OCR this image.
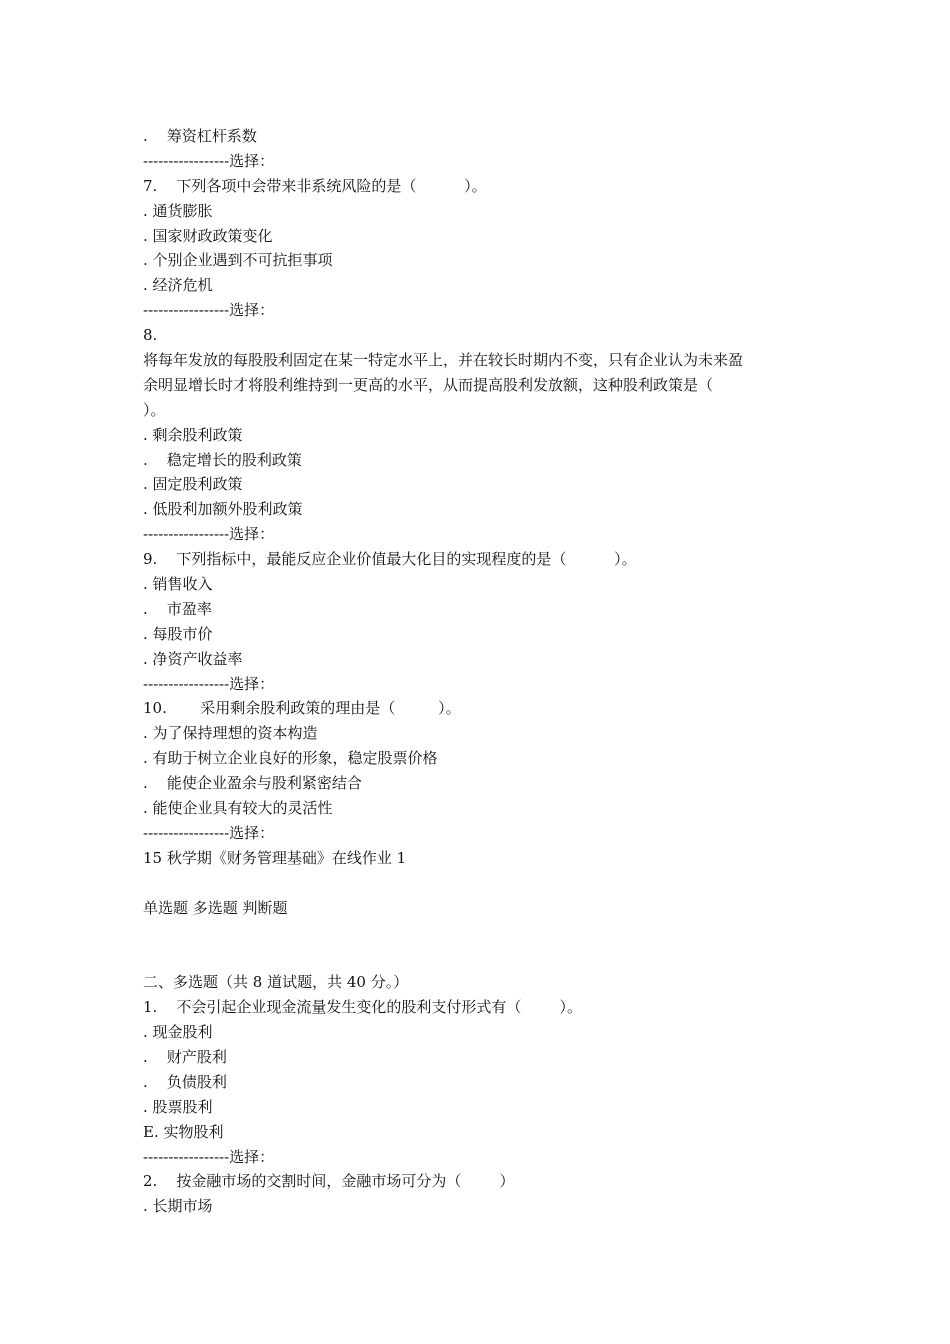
.    筹资杠杆系数
-----------------选择：
7.    下列各项中会带来非系统风险的是（          ）。
. 通货膨胀
. 国家财政政策变化
. 个别企业遇到不可抗拒事项
. 经济危机
-----------------选择：
8.
将每年发放的每股股利固定在某一特定水平上，并在较长时期内不变，只有企业认为未来盈
余明显增长时才将股利维持到一更高的水平，从而提高股利发放额，这种股利政策是（
）。
. 剩余股利政策
.    稳定增长的股利政策
. 固定股利政策
. 低股利加额外股利政策
-----------------选择：
9.    下列指标中，最能反应企业价值最大化目的实现程度的是（          ）。
. 销售收入
.    市盈率
. 每股市价
. 净资产收益率
-----------------选择：
10.       采用剩余股利政策的理由是（         ）。
. 为了保持理想的资本构造
. 有助于树立企业良好的形象，稳定股票价格
.    能使企业盈余与股利紧密结合
. 能使企业具有较大的灵活性
-----------------选择：
15 秋学期《财务管理基础》在线作业 1
单选题 多选题 判断题
二、多选题（共 8 道试题，共 40 分。）
1.    不会引起企业现金流量发生变化的股利支付形式有（        ）。
. 现金股利
.    财产股利
.    负债股利
. 股票股利
E. 实物股利
-----------------选择：
2.    按金融市场的交割时间，金融市场可分为（        ）
. 长期市场
